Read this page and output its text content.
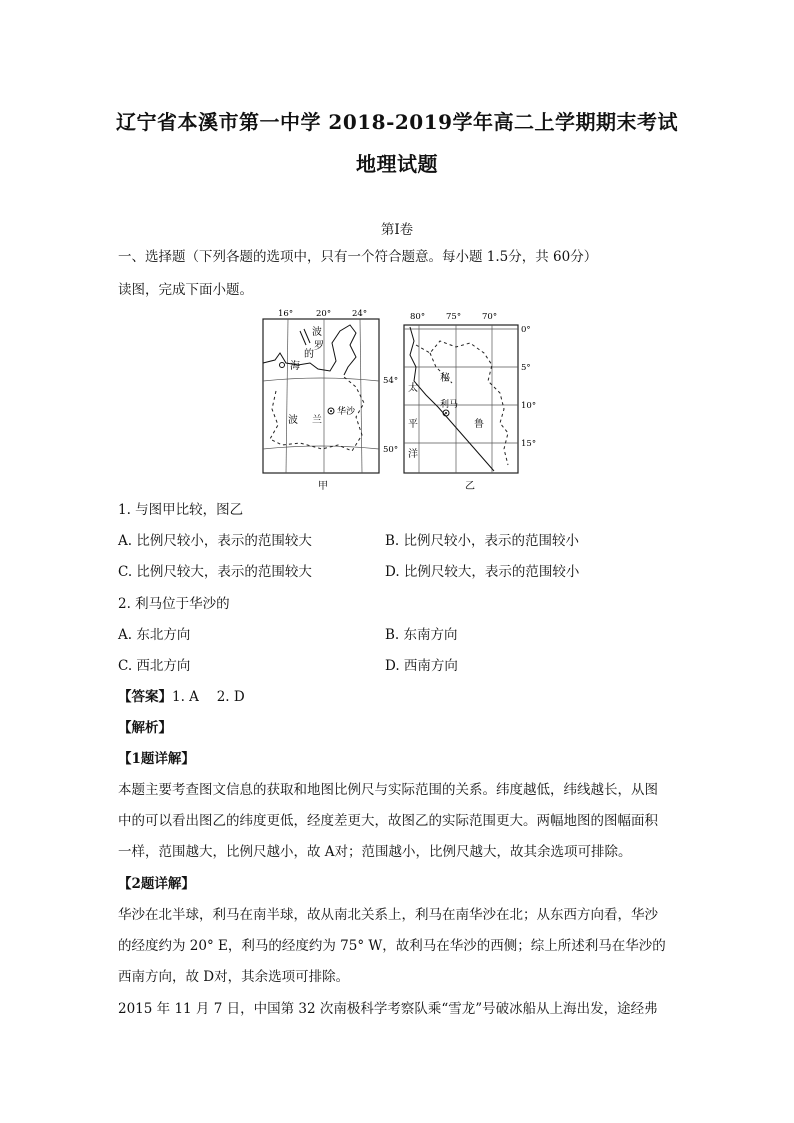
辽宁省本溪市第一中学 2018-2019学年高二上学期期末考试
地理试题
第Ⅰ卷
一、选择题（下列各题的选项中，只有一个符合题意。每小题 1.5分，共 60分）
读图，完成下面小题。
16°	20° 24°
54°
50°
波
罗
的
海
波 兰
华沙
甲
80° 75° 70°
0°
5°
10°
15°
太
平
洋
秘
鲁
利马
乙
1. 与图甲比较，图乙
A. 比例尺较小，表示的范围较大	B. 比例尺较小，表示的范围较小
C. 比例尺较大，表示的范围较大	D. 比例尺较大，表示的范围较小
2. 利马位于华沙的
A. 东北方向	B. 东南方向
C. 西北方向	D. 西南方向
【答案】1. A　 2. D
【解析】
【1题详解】
本题主要考查图文信息的获取和地图比例尺与实际范围的关系。纬度越低，纬线越长，从图
中的可以看出图乙的纬度更低，经度差更大，故图乙的实际范围更大。两幅地图的图幅面积
一样，范围越大，比例尺越小，故 A对；范围越小，比例尺越大，故其余选项可排除。
【2题详解】
华沙在北半球，利马在南半球，故从南北关系上，利马在南华沙在北；从东西方向看，华沙
的经度约为 20° E，利马的经度约为 75° W，故利马在华沙的西侧；综上所述利马在华沙的
西南方向，故 D对，其余选项可排除。
2015 年 11 月 7 日，中国第 32 次南极科学考察队乘“雪龙”号破冰船从上海出发，途经弗
